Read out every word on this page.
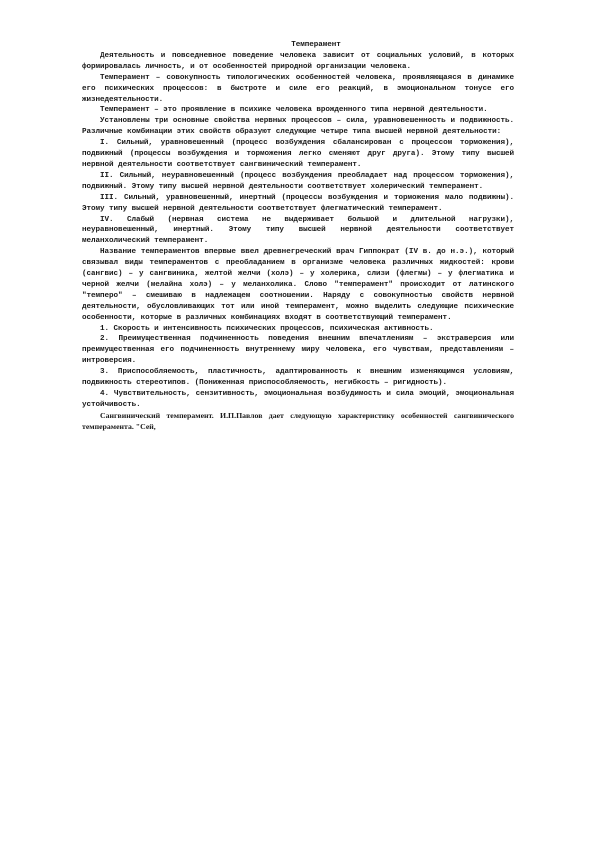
Темперамент

Деятельность и повседневное поведение человека зависит от социальных условий, в которых формировалась личность, и от особенностей природной организации человека.

Темперамент – совокупность типологических особенностей человека, проявляющаяся в динамике его психических процессов: в быстроте и силе его реакций, в эмоциональном тонусе его жизнедеятельности.

Темперамент – это проявление в психике человека врожденного типа нервной деятельности.

Установлены три основные свойства нервных процессов – сила, уравновешенность и подвижность. Различные комбинации этих свойств образуют следующие четыре типа высшей нервной деятельности:

I. Сильный, уравновешенный (процесс возбуждения сбалансирован с процессом торможения), подвижный (процессы возбуждения и торможения легко сменяют друг друга). Этому типу высшей нервной деятельности соответствует сангвинический темперамент.

II. Сильный, неуравновешенный (процесс возбуждения преобладает над процессом торможения), подвижный. Этому типу высшей нервной деятельности соответствует холерический темперамент.

III. Сильный, уравновешенный, инертный (процессы возбуждения и торможения мало подвижны). Этому типу высшей нервной деятельности соответствует флегматический темперамент.

IV. Слабый (нервная система не выдерживает большой и длительной нагрузки), неуравновешенный, инертный. Этому типу высшей нервной деятельности соответствует меланхолический темперамент.

Название темпераментов впервые ввел древнегреческий врач Гиппократ (IV в. до н.э.), который связывал виды темпераментов с преобладанием в организме человека различных жидкостей: крови (сангвис) – у сангвиника, желтой желчи (холэ) – у холерика, слизи (флегмы) – у флегматика и черной желчи (мелайна холэ) – у меланхолика. Слово "темперамент" происходит от латинского "темперо" – смешиваю в надлежащем соотношении. Наряду с совокупностью свойств нервной деятельности, обусловливающих тот или иной темперамент, можно выделить следующие психические особенности, которые в различных комбинациях входят в соответствующий темперамент.

1. Скорость и интенсивность психических процессов, психическая активность.

2. Преимущественная подчиненность поведения внешним впечатлениям – экстраверсия или преимущественная его подчиненность внутреннему миру человека, его чувствам, представлениям – интроверсия.

3. Приспособляемость, пластичность, адаптированность к внешним изменяющимся условиям, подвижность стереотипов. (Пониженная приспособляемость, негибкость – ригидность).

4. Чувствительность, сензитивность, эмоциональная возбудимость и сила эмоций, эмоциональная устойчивость.

Сангвинический темперамент. И.П.Павлов дает следующую характеристику особенностей сангвинического темперамента. "Сей,
